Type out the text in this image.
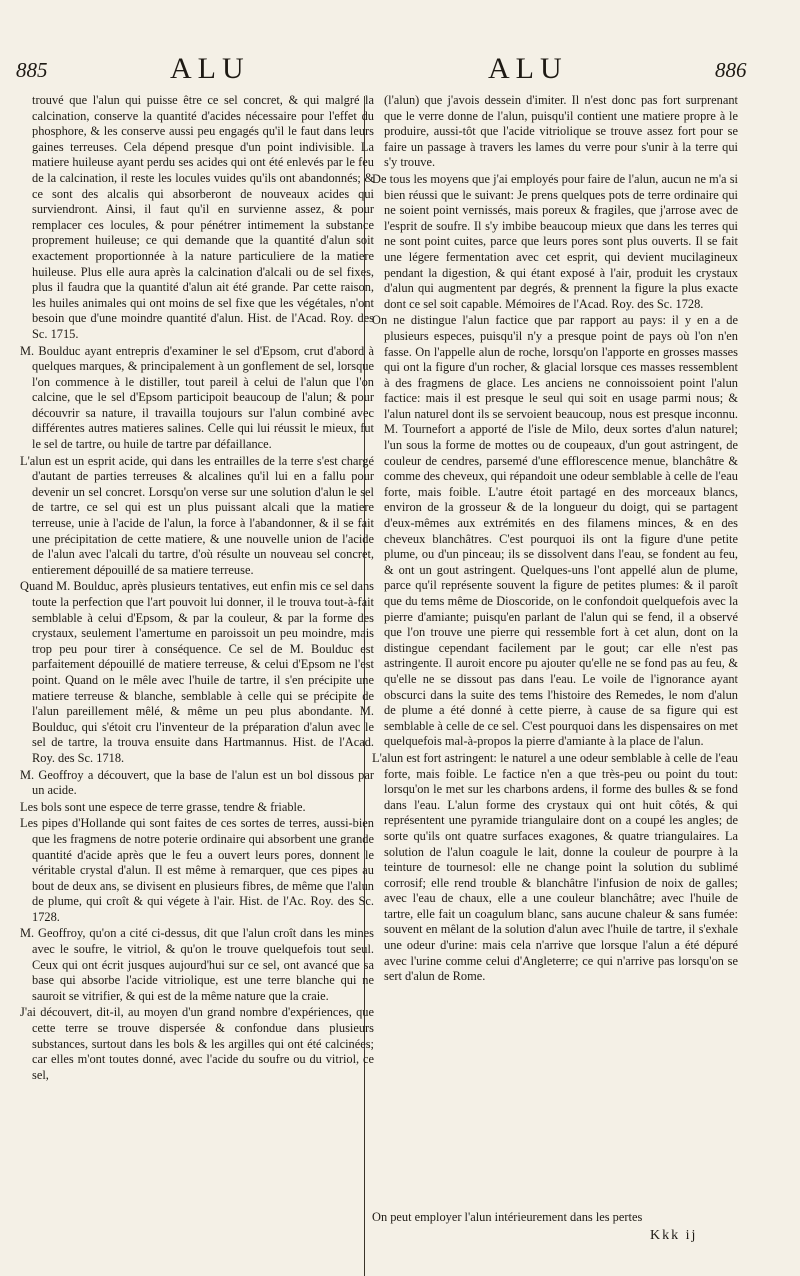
885	ALU	ALU	886

trouvé que l'alun qui puisse être ce sel concret, & qui malgré la calcination, conserve la quantité d'acides nécessaire pour l'effet du phosphore, & les conserve aussi peu engagés qu'il le faut dans leurs gaines terreuses. Cela dépend presque d'un point indivisible. La matiere huileuse ayant perdu ses acides qui ont été enlevés par le feu de la calcination, il reste les locules vuides qu'ils ont abandonnés; & ce sont des alcalis qui absorberont de nouveaux acides qui surviendront. Ainsi, il faut qu'il en survienne assez, & pour remplacer ces locules, & pour pénétrer intimement la substance proprement huileuse; ce qui demande que la quantité d'alun soit exactement proportionnée à la nature particuliere de la matiere huileuse. Plus elle aura après la calcination d'alcali ou de sel fixes, plus il faudra que la quantité d'alun ait été grande. Par cette raison, les huiles animales qui ont moins de sel fixe que les végétales, n'ont besoin que d'une moindre quantité d'alun. Hist. de l'Acad. Roy. des Sc. 1715.

M. Boulduc ayant entrepris d'examiner le sel d'Epsom, crut d'abord à quelques marques, & principalement à un gonflement de sel, lorsque l'on commence à le distiller, tout pareil à celui de l'alun que l'on calcine, que le sel d'Epsom participoit beaucoup de l'alun; & pour découvrir sa nature, il travailla toujours sur l'alun combiné avec différentes autres matieres salines. Celle qui lui réussit le mieux, fut le sel de tartre, ou huile de tartre par défaillance.

L'alun est un esprit acide, qui dans les entrailles de la terre s'est chargé d'autant de parties terreuses & alcalines qu'il lui en a fallu pour devenir un sel concret. Lorsqu'on verse sur une solution d'alun le sel de tartre, ce sel qui est un plus puissant alcali que la matiere terreuse, unie à l'acide de l'alun, la force à l'abandonner, & il se fait une précipitation de cette matiere, & une nouvelle union de l'acide de l'alun avec l'alcali du tartre, d'où résulte un nouveau sel concret, entierement dépouillé de sa matiere terreuse.

Quand M. Boulduc, après plusieurs tentatives, eut enfin mis ce sel dans toute la perfection que l'art pouvoit lui donner, il le trouva tout-à-fait semblable à celui d'Epsom, & par la couleur, & par la forme des crystaux, seulement l'amertume en paroissoit un peu moindre, mais trop peu pour tirer à conséquence. Ce sel de M. Boulduc est parfaitement dépouillé de matiere terreuse, & celui d'Epsom ne l'est point. Quand on le mêle avec l'huile de tartre, il s'en précipite une matiere terreuse & blanche, semblable à celle qui se précipite de l'alun pareillement mêlé, & même un peu plus abondante. M. Boulduc, qui s'étoit cru l'inventeur de la préparation d'alun avec le sel de tartre, la trouva ensuite dans Hartmannus. Hist. de l'Acad. Roy. des Sc. 1718.

M. Geoffroy a découvert, que la base de l'alun est un bol dissous par un acide.

Les bols sont une espece de terre grasse, tendre & friable.

Les pipes d'Hollande qui sont faites de ces sortes de terres, aussi-bien que les fragmens de notre poterie ordinaire qui absorbent une grande quantité d'acide après que le feu a ouvert leurs pores, donnent le véritable crystal d'alun. Il est même à remarquer, que ces pipes au bout de deux ans, se divisent en plusieurs fibres, de même que l'alun de plume, qui croît & qui végete à l'air. Hist. de l'Ac. Roy. des Sc. 1728.

M. Geoffroy, qu'on a cité ci-dessus, dit que l'alun croît dans les mines avec le soufre, le vitriol, & qu'on le trouve quelquefois tout seul. Ceux qui ont écrit jusques aujourd'hui sur ce sel, ont avancé que sa base qui absorbe l'acide vitriolique, est une terre blanche qui ne sauroit se vitrifier, & qui est de la même nature que la craie.

J'ai découvert, dit-il, au moyen d'un grand nombre d'expériences, que cette terre se trouve dispersée & confondue dans plusieurs substances, surtout dans les bols & les argilles qui ont été calcinées; car elles m'ont toutes donné, avec l'acide du soufre ou du vitriol, ce sel,

(l'alun) que j'avois dessein d'imiter. Il n'est donc pas fort surprenant que le verre donne de l'alun, puisqu'il contient une matiere propre à le produire, aussi-tôt que l'acide vitriolique se trouve assez fort pour se faire un passage à travers les lames du verre pour s'unir à la terre qui s'y trouve.

De tous les moyens que j'ai employés pour faire de l'alun, aucun ne m'a si bien réussi que le suivant: Je prens quelques pots de terre ordinaire qui ne soient point vernissés, mais poreux & fragiles, que j'arrose avec de l'esprit de soufre. Il s'y imbibe beaucoup mieux que dans les terres qui ne sont point cuites, parce que leurs pores sont plus ouverts. Il se fait une légere fermentation avec cet esprit, qui devient mucilagineux pendant la digestion, & qui étant exposé à l'air, produit les crystaux d'alun qui augmentent par degrés, & prennent la figure la plus exacte dont ce sel soit capable. Mémoires de l'Acad. Roy. des Sc. 1728.

On ne distingue l'alun factice que par rapport au pays: il y en a de plusieurs especes, puisqu'il n'y a presque point de pays où l'on n'en fasse. On l'appelle alun de roche, lorsqu'on l'apporte en grosses masses qui ont la figure d'un rocher, & glacial lorsque ces masses ressemblent à des fragmens de glace. Les anciens ne connoissoient point l'alun factice: mais il est presque le seul qui soit en usage parmi nous; & l'alun naturel dont ils se servoient beaucoup, nous est presque inconnu. M. Tournefort a apporté de l'isle de Milo, deux sortes d'alun naturel; l'un sous la forme de mottes ou de coupeaux, d'un gout astringent, de couleur de cendres, parsemé d'une efflorescence menue, blanchâtre & comme des cheveux, qui répandoit une odeur semblable à celle de l'eau forte, mais foible. L'autre étoit partagé en des morceaux blancs, environ de la grosseur & de la longueur du doigt, qui se partagent d'eux-mêmes aux extrémités en des filamens minces, & en des cheveux blanchâtres. C'est pourquoi ils ont la figure d'une petite plume, ou d'un pinceau; ils se dissolvent dans l'eau, se fondent au feu, & ont un gout astringent. Quelques-uns l'ont appellé alun de plume, parce qu'il représente souvent la figure de petites plumes: & il paroît que du tems même de Dioscoride, on le confondoit quelquefois avec la pierre d'amiante; puisqu'en parlant de l'alun qui se fend, il a observé que l'on trouve une pierre qui ressemble fort à cet alun, dont on la distingue cependant facilement par le gout; car elle n'est pas astringente. Il auroit encore pu ajouter qu'elle ne se fond pas au feu, & qu'elle ne se dissout pas dans l'eau. Le voile de l'ignorance ayant obscurci dans la suite des tems l'histoire des Remedes, le nom d'alun de plume a été donné à cette pierre, à cause de sa figure qui est semblable à celle de ce sel. C'est pourquoi dans les dispensaires on met quelquefois mal-à-propos la pierre d'amiante à la place de l'alun.

L'alun est fort astringent: le naturel a une odeur semblable à celle de l'eau forte, mais foible. Le factice n'en a que très-peu ou point du tout: lorsqu'on le met sur les charbons ardens, il forme des bulles & se fond dans l'eau. L'alun forme des crystaux qui ont huit côtés, & qui représentent une pyramide triangulaire dont on a coupé les angles; de sorte qu'ils ont quatre surfaces exagones, & quatre triangulaires. La solution de l'alun coagule le lait, donne la couleur de pourpre à la teinture de tournesol: elle ne change point la solution du sublimé corrosif; elle rend trouble & blanchâtre l'infusion de noix de galles; avec l'eau de chaux, elle a une couleur blanchâtre; avec l'huile de tartre, elle fait un coagulum blanc, sans aucune chaleur & sans fumée: souvent en mêlant de la solution d'alun avec l'huile de tartre, il s'exhale une odeur d'urine: mais cela n'arrive que lorsque l'alun a été dépuré avec l'urine comme celui d'Angleterre; ce qui n'arrive pas lorsqu'on se sert d'alun de Rome.

On peut employer l'alun intérieurement dans les pertes
Kkk ij
